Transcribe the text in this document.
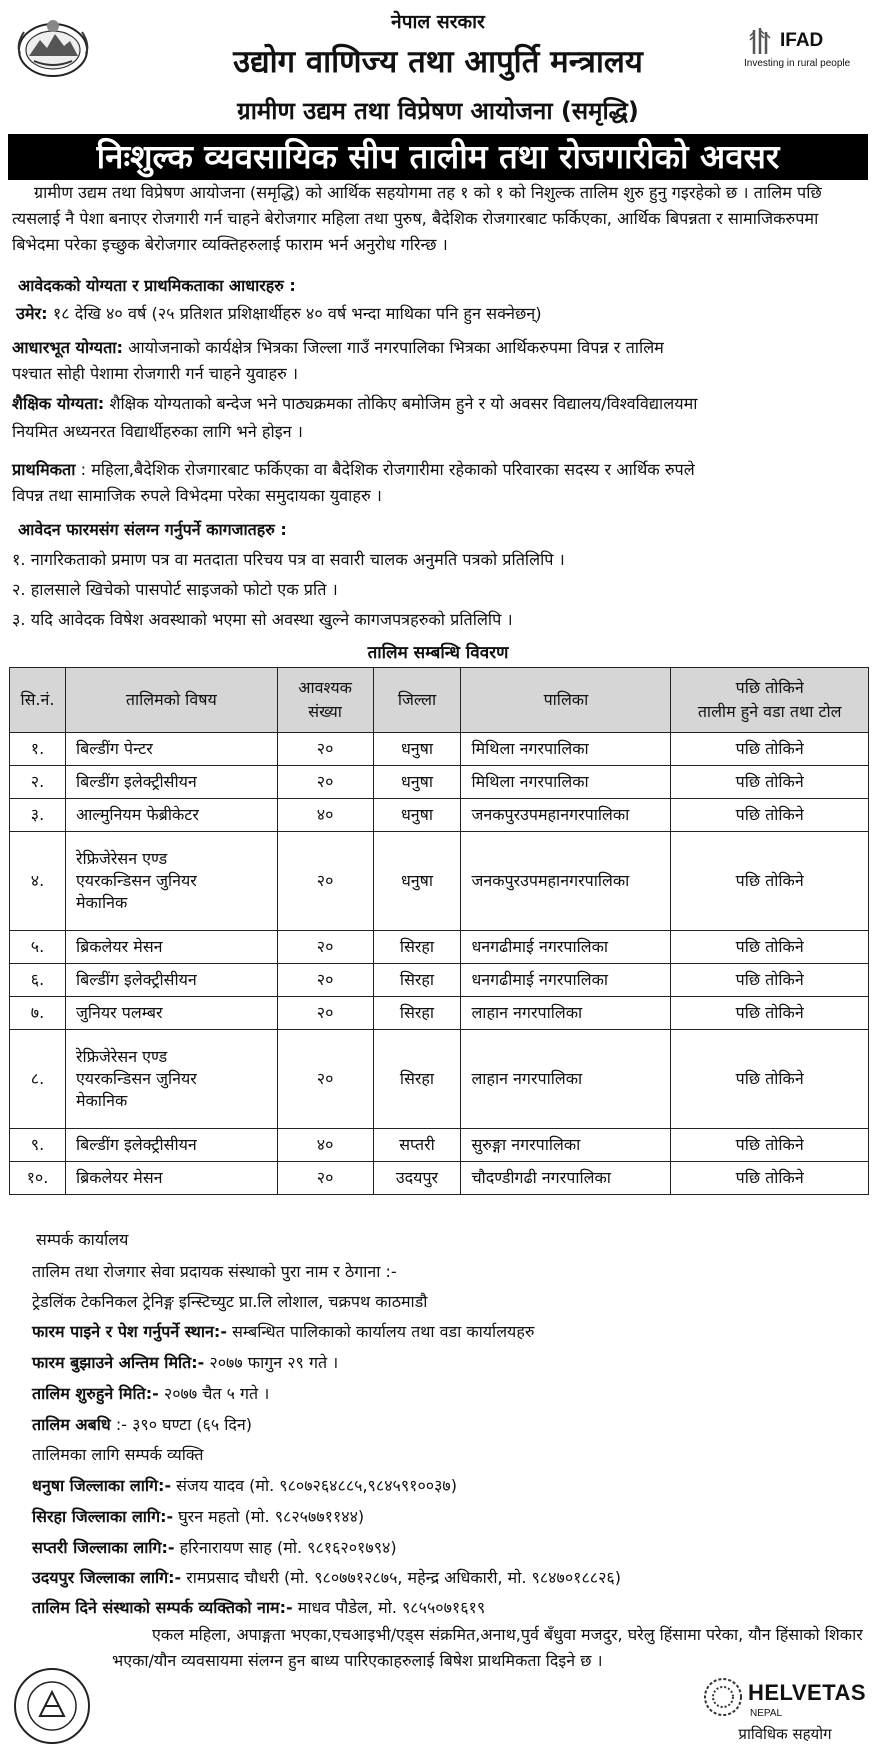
नेपाल सरकार
उद्योग वाणिज्य तथा आपुर्ति मन्त्रालय
ग्रामीण उद्यम तथा विप्रेषण आयोजना (समृद्धि)
IFAD
Investing in rural people
निःशुल्क व्यवसायिक सीप तालीम तथा रोजगारीको अवसर
ग्रामीण उद्यम तथा विप्रेषण आयोजना (समृद्धि) को आर्थिक सहयोगमा तह १ को १ को निशुल्क तालिम शुरु हुनु गइरहेको छ । तालिम पछि त्यसलाई नै पेशा बनाएर रोजगारी गर्न चाहने बेरोजगार महिला तथा पुरुष, बैदेशिक रोजगारबाट फर्किएका, आर्थिक बिपन्नता र सामाजिकरुपमा बिभेदमा परेका इच्छुक बेरोजगार व्यक्तिहरुलाई फाराम भर्न अनुरोध गरिन्छ ।
आवेदकको योग्यता र प्राथमिकताका आधारहरु :
उमेर: १८ देखि ४० वर्ष (२५ प्रतिशत प्रशिक्षार्थीहरु ४० वर्ष भन्दा माथिका पनि हुन सक्नेछन्)
आधारभूत योग्यता: आयोजनाको कार्यक्षेत्र भित्रका जिल्ला गाउँ नगरपालिका भित्रका आर्थिकरुपमा विपन्न र तालिम
पश्चात सोही पेशामा रोजगारी गर्न चाहने युवाहरु ।
शैक्षिक योग्यता: शैक्षिक योग्यताको बन्देज भने पाठ्यक्रमका तोकिए बमोजिम हुने र यो अवसर विद्यालय/विश्वविद्यालयमा
नियमित अध्यनरत विद्यार्थीहरुका लागि भने होइन ।
प्राथमिकता : महिला,बैदेशिक रोजगारबाट फर्किएका वा बैदेशिक रोजगारीमा रहेकाको परिवारका सदस्य र आर्थिक रुपले
विपन्न तथा सामाजिक रुपले विभेदमा परेका समुदायका युवाहरु ।
आवेदन फारमसंग संलग्न गर्नुपर्ने कागजातहरु :
१. नागरिकताको प्रमाण पत्र वा मतदाता परिचय पत्र वा सवारी चालक अनुमति पत्रको प्रतिलिपि ।
२. हालसाले खिचेको पासपोर्ट साइजको फोटो एक प्रति ।
३. यदि आवेदक विषेश अवस्थाको भएमा सो अवस्था खुल्ने कागजपत्रहरुको प्रतिलिपि ।
तालिम सम्बन्धि विवरण
सि.नं.	तालिमको विषय	आवश्यक
संख्या	जिल्ला	पालिका	पछि तोकिने
तालीम हुने वडा तथा टोल
१.	बिल्डींग पेन्टर	२०	धनुषा	मिथिला नगरपालिका	पछि तोकिने
२.	बिल्डींग इलेक्ट्रीसीयन	२०	धनुषा	मिथिला नगरपालिका	पछि तोकिने
३.	आल्मुनियम फेब्रीकेटर	४०	धनुषा	जनकपुरउपमहानगरपालिका	पछि तोकिने
४.	रेफ्रिजेरेसन एण्ड
एयरकन्डिसन जुनियर
मेकानिक	२०	धनुषा	जनकपुरउपमहानगरपालिका	पछि तोकिने
५.	ब्रिकलेयर मेसन	२०	सिरहा	धनगढीमाई नगरपालिका	पछि तोकिने
६.	बिल्डींग इलेक्ट्रीसीयन	२०	सिरहा	धनगढीमाई नगरपालिका	पछि तोकिने
७.	जुनियर पलम्बर	२०	सिरहा	लाहान नगरपालिका	पछि तोकिने
८.	रेफ्रिजेरेसन एण्ड
एयरकन्डिसन जुनियर
मेकानिक	२०	सिरहा	लाहान नगरपालिका	पछि तोकिने
९.	बिल्डींग इलेक्ट्रीसीयन	४०	सप्तरी	सुरुङ्गा नगरपालिका	पछि तोकिने
१०.	ब्रिकलेयर मेसन	२०	उदयपुर	चौदण्डीगढी नगरपालिका	पछि तोकिने
सम्पर्क कार्यालय
तालिम तथा रोजगार सेवा प्रदायक संस्थाको पुरा नाम र ठेगाना :-
ट्रेडलिंक टेकनिकल ट्रेनिङ्ग इन्स्टिच्युट प्रा.लि लोशाल, चक्रपथ काठमाडौ
फारम पाइने र पेश गर्नुपर्ने स्थान:- सम्बन्धित पालिकाको कार्यालय तथा वडा कार्यालयहरु
फारम बुझाउने अन्तिम मिति:- २०७७ फागुन २९ गते ।
तालिम शुरुहुने मिति:- २०७७ चैत ५ गते ।
तालिम अबधि :- ३९० घण्टा (६५ दिन)
तालिमका लागि सम्पर्क व्यक्ति
धनुषा जिल्लाका लागि:- संजय यादव (मो. ९८०७२६४८८५,९८४५९१००३७)
सिरहा जिल्लाका लागि:- घुरन महतो (मो. ९८२५७७११४४)
सप्तरी जिल्लाका लागि:- हरिनारायण साह (मो. ९८१६२०१७९४)
उदयपुर जिल्लाका लागि:- रामप्रसाद चौधरी (मो. ९८०७७१२८७५, महेन्द्र अधिकारी, मो. ९८४७०१८८२६)
तालिम दिने संस्थाको सम्पर्क व्यक्तिको नाम:- माधव पौडेल, मो. ९८५५०७१६१९
एकल महिला, अपाङ्गता भएका,एचआइभी/एड्स संक्रमित,अनाथ,पुर्व बँधुवा मजदुर, घरेलु हिंसामा परेका, यौन हिंसाको शिकार भएका/यौन व्यवसायमा संलग्न हुन बाध्य पारिएकाहरुलाई बिषेश प्राथमिकता दिइने छ ।
HELVETAS
NEPAL
प्राविधिक सहयोग
